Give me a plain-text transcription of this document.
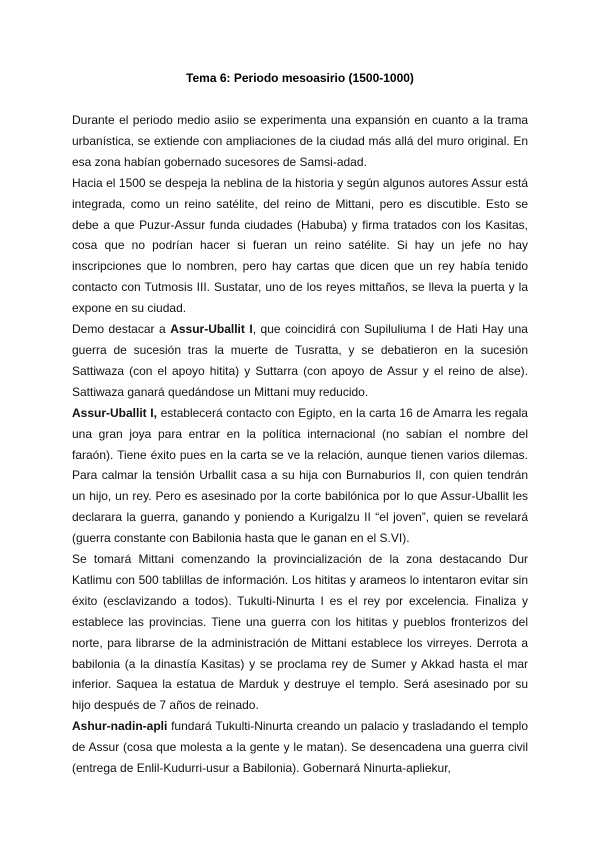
Tema 6: Periodo mesoasirio (1500-1000)

Durante el periodo medio asiio se experimenta una expansión en cuanto a la trama urbanística, se extiende con ampliaciones de la ciudad más allá del muro original. En esa zona habían gobernado sucesores de Samsi-adad.

Hacia el 1500 se despeja la neblina de la historia y según algunos autores Assur está integrada, como un reino satélite, del reino de Mittani, pero es discutible. Esto se debe a que Puzur-Assur funda ciudades (Habuba) y firma tratados con los Kasitas, cosa que no podrían hacer si fueran un reino satélite. Si hay un jefe no hay inscripciones que lo nombren, pero hay cartas que dicen que un rey había tenido contacto con Tutmosis III. Sustatar, uno de los reyes mittaños, se lleva la puerta y la expone en su ciudad.

Demo destacar a Assur-Uballit I, que coincidirá con Supiluliuma I de Hati Hay una guerra de sucesión tras la muerte de Tusratta, y se debatieron en la sucesión Sattiwaza (con el apoyo hitita) y Suttarra (con apoyo de Assur y el reino de alse). Sattiwaza ganará quedándose un Mittani muy reducido.

Assur-Uballit I, establecerá contacto con Egipto, en la carta 16 de Amarra les regala una gran joya para entrar en la política internacional (no sabían el nombre del faraón). Tiene éxito pues en la carta se ve la relación, aunque tienen varios dilemas. Para calmar la tensión Urballit casa a su hija con Burnaburios II, con quien tendrán un hijo, un rey. Pero es asesinado por la corte babilónica por lo que Assur-Uballit les declarara la guerra, ganando y poniendo a Kurigalzu II “el joven”, quien se revelará (guerra constante con Babilonia hasta que le ganan en el S.VI).

Se tomará Mittani comenzando la provincialización de la zona destacando Dur Katlimu con 500 tablillas de información. Los hititas y arameos lo intentaron evitar sin éxito (esclavizando a todos). Tukulti-Ninurta I es el rey por excelencia. Finaliza y establece las provincias. Tiene una guerra con los hititas y pueblos fronterizos del norte, para librarse de la administración de Mittani establece los virreyes. Derrota a babilonia (a la dinastía Kasitas) y se proclama rey de Sumer y Akkad hasta el mar inferior. Saquea la estatua de Marduk y destruye el templo. Será asesinado por su hijo después de 7 años de reinado.

Ashur-nadin-apli fundará Tukulti-Ninurta creando un palacio y trasladando el templo de Assur (cosa que molesta a la gente y le matan). Se desencadena una guerra civil (entrega de Enlil-Kudurri-usur a Babilonia). Gobernará Ninurta-apliekur,
